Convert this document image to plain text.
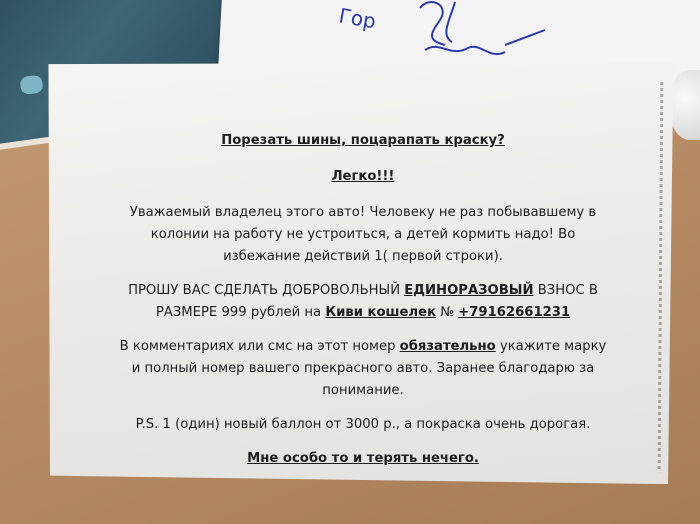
Гор

Порезать шины, поцарапать краску?

Легко!!!

Уважаемый владелец этого авто! Человеку не раз побывавшему в

колонии на работу не устроиться, а детей кормить надо! Во

избежание действий 1( первой строки).

ПРОШУ ВАС СДЕЛАТЬ ДОБРОВОЛЬНЫЙ ЕДИНОРАЗОВЫЙ ВЗНОС В

РАЗМЕРЕ 999 рублей на Киви кошелек № +79162661231

В комментариях или смс на этот номер обязательно укажите марку

и полный номер вашего прекрасного авто. Заранее благодарю за

понимание.

P.S. 1 (один) новый баллон от 3000 р., а покраска очень дорогая.

Мне особо то и терять нечего.
